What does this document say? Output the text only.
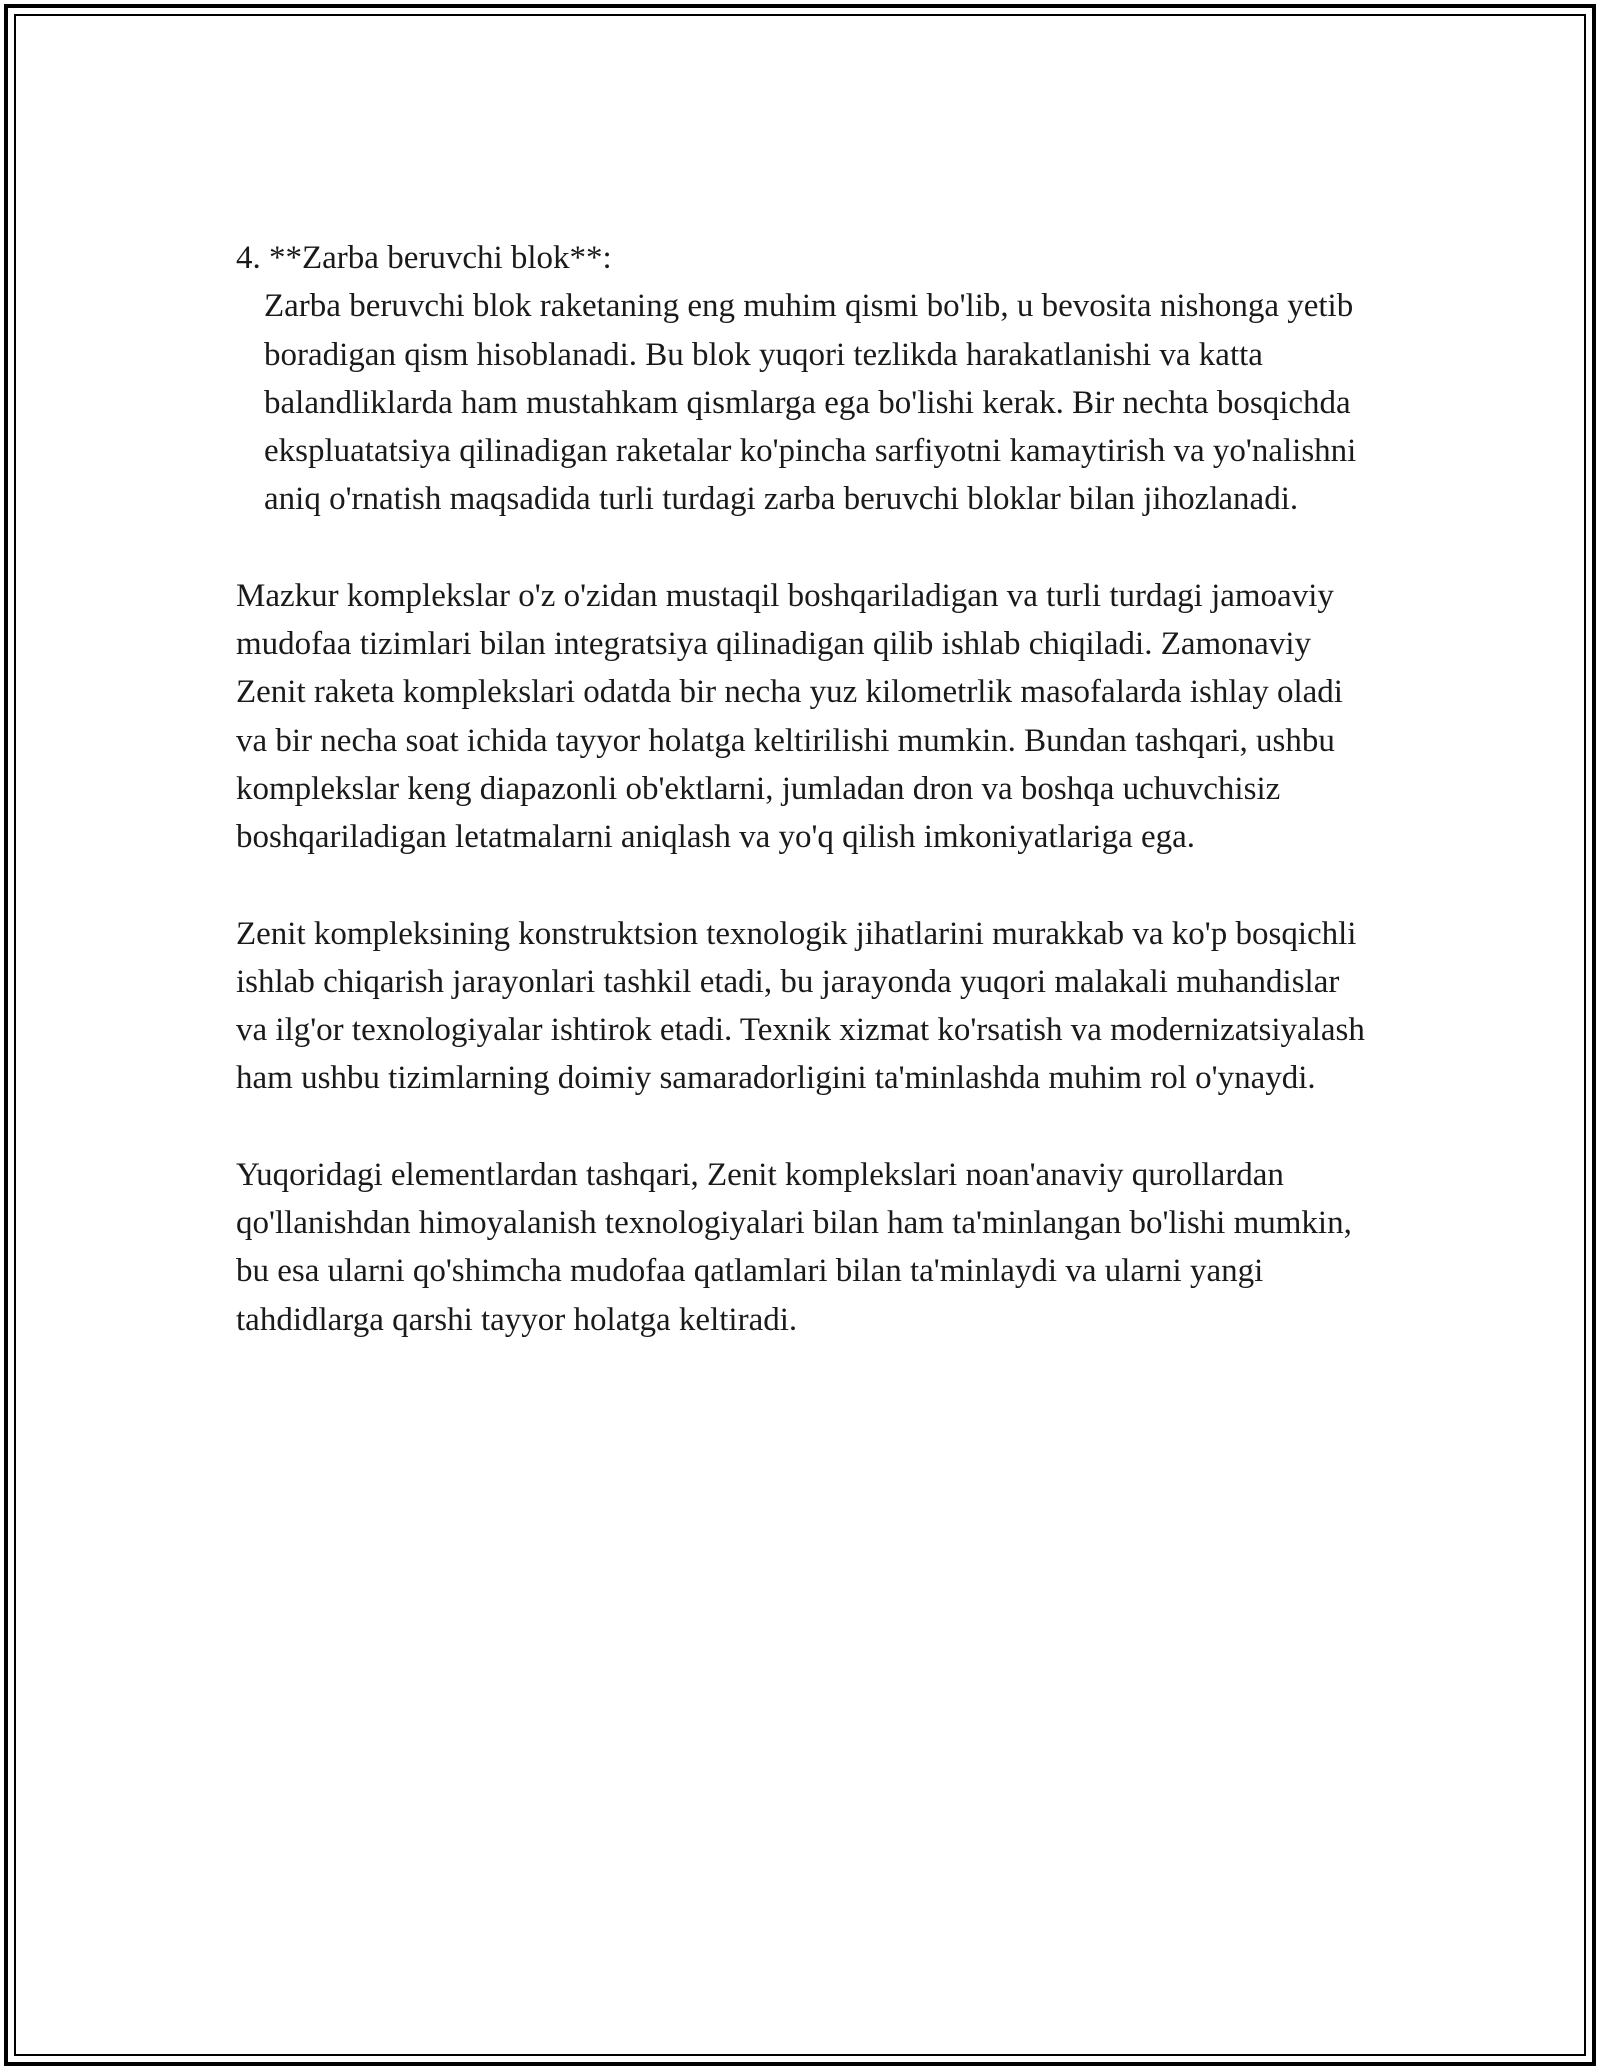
4. **Zarba beruvchi blok**:

Zarba beruvchi blok raketaning eng muhim qismi bo'lib, u bevosita nishonga yetib boradigan qism hisoblanadi. Bu blok yuqori tezlikda harakatlanishi va katta balandliklarda ham mustahkam qismlarga ega bo'lishi kerak. Bir nechta bosqichda ekspluatatsiya qilinadigan raketalar ko'pincha sarfiyotni kamaytirish va yo'nalishni aniq o'rnatish maqsadida turli turdagi zarba beruvchi bloklar bilan jihozlanadi.

Mazkur komplekslar o'z o'zidan mustaqil boshqariladigan va turli turdagi jamoaviy mudofaa tizimlari bilan integratsiya qilinadigan qilib ishlab chiqiladi. Zamonaviy Zenit raketa komplekslari odatda bir necha yuz kilometrlik masofalarda ishlay oladi va bir necha soat ichida tayyor holatga keltirilishi mumkin. Bundan tashqari, ushbu komplekslar keng diapazonli ob'ektlarni, jumladan dron va boshqa uchuvchisiz boshqariladigan letatmalarni aniqlash va yo'q qilish imkoniyatlariga ega.

Zenit kompleksining konstruktsion texnologik jihatlarini murakkab va ko'p bosqichli ishlab chiqarish jarayonlari tashkil etadi, bu jarayonda yuqori malakali muhandislar va ilg'or texnologiyalar ishtirok etadi. Texnik xizmat ko'rsatish va modernizatsiyalash ham ushbu tizimlarning doimiy samaradorligini ta'minlashda muhim rol o'ynaydi.

Yuqoridagi elementlardan tashqari, Zenit komplekslari noan'anaviy qurollardan qo'llanishdan himoyalanish texnologiyalari bilan ham ta'minlangan bo'lishi mumkin, bu esa ularni qo'shimcha mudofaa qatlamlari bilan ta'minlaydi va ularni yangi tahdidlarga qarshi tayyor holatga keltiradi.
